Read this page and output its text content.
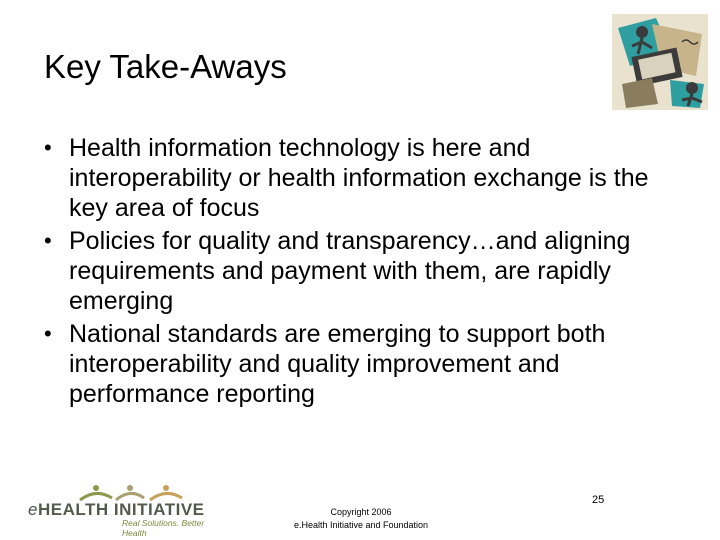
Key Take-Aways
• Health information technology is here and interoperability or health information exchange is the key area of focus
• Policies for quality and transparency…and aligning requirements and payment with them, are rapidly emerging
• National standards are emerging to support both interoperability and quality improvement and performance reporting
eHEALTH INITIATIVE
Real Solutions. Better Health
Copyright 2006
e.Health Initiative and Foundation
25
